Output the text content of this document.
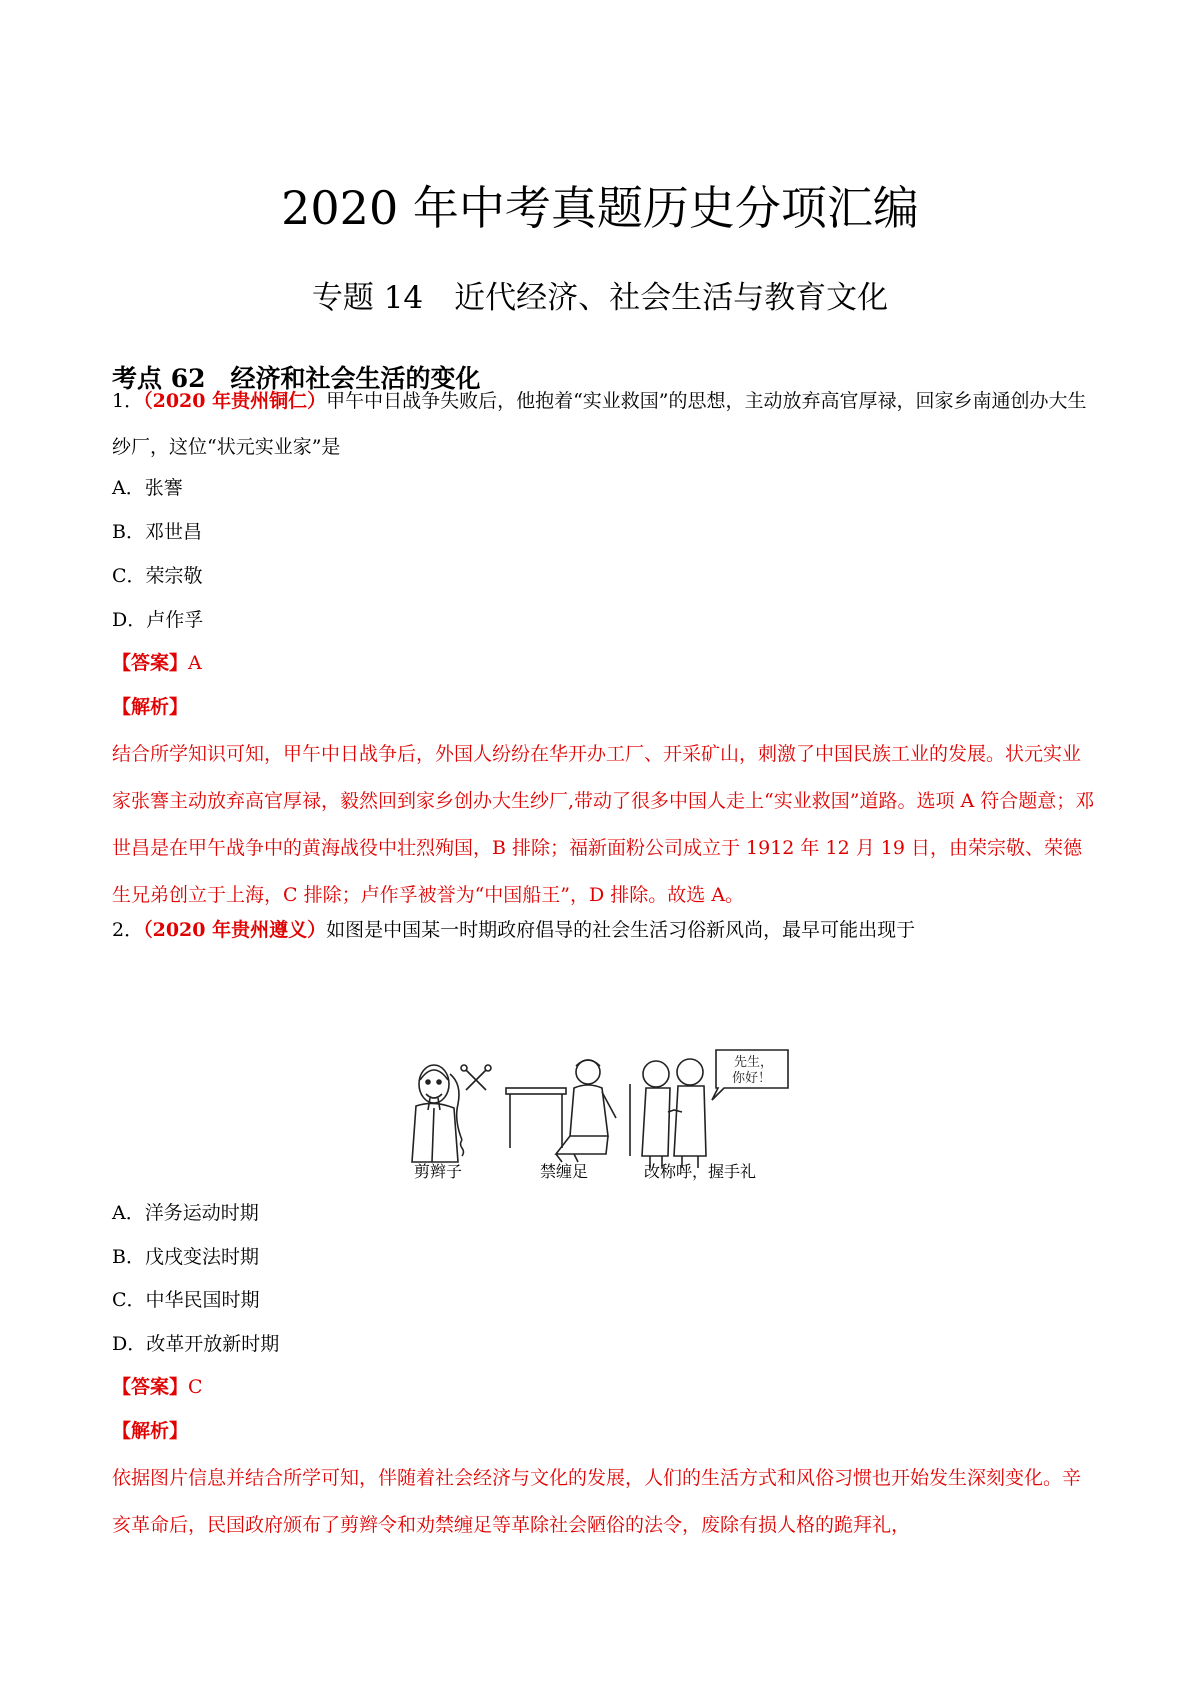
2020 年中考真题历史分项汇编
专题 14　近代经济、社会生活与教育文化
考点 62　经济和社会生活的变化
1．（2020 年贵州铜仁）甲午中日战争失败后，他抱着“实业救国”的思想，主动放弃高官厚禄，回家乡南通创办大生纱厂，这位“状元实业家”是
A．张謇
B．邓世昌
C．荣宗敬
D．卢作孚
【答案】A
【解析】
结合所学知识可知，甲午中日战争后，外国人纷纷在华开办工厂、开采矿山，刺激了中国民族工业的发展。状元实业家张謇主动放弃高官厚禄，毅然回到家乡创办大生纱厂,带动了很多中国人走上“实业救国”道路。选项 A 符合题意；邓世昌是在甲午战争中的黄海战役中壮烈殉国，B 排除；福新面粉公司成立于 1912 年 12 月 19 日，由荣宗敬、荣德生兄弟创立于上海，C 排除；卢作孚被誉为“中国船王”，D 排除。故选 A。
2．（2020 年贵州遵义）如图是中国某一时期政府倡导的社会生活习俗新风尚，最早可能出现于
先生，
你好！
剪辫子	禁缠足	改称呼，握手礼
A．洋务运动时期
B．戊戌变法时期
C．中华民国时期
D．改革开放新时期
【答案】C
【解析】
依据图片信息并结合所学可知，伴随着社会经济与文化的发展，人们的生活方式和风俗习惯也开始发生深刻变化。辛亥革命后，民国政府颁布了剪辫令和劝禁缠足等革除社会陋俗的法令，废除有损人格的跪拜礼，
